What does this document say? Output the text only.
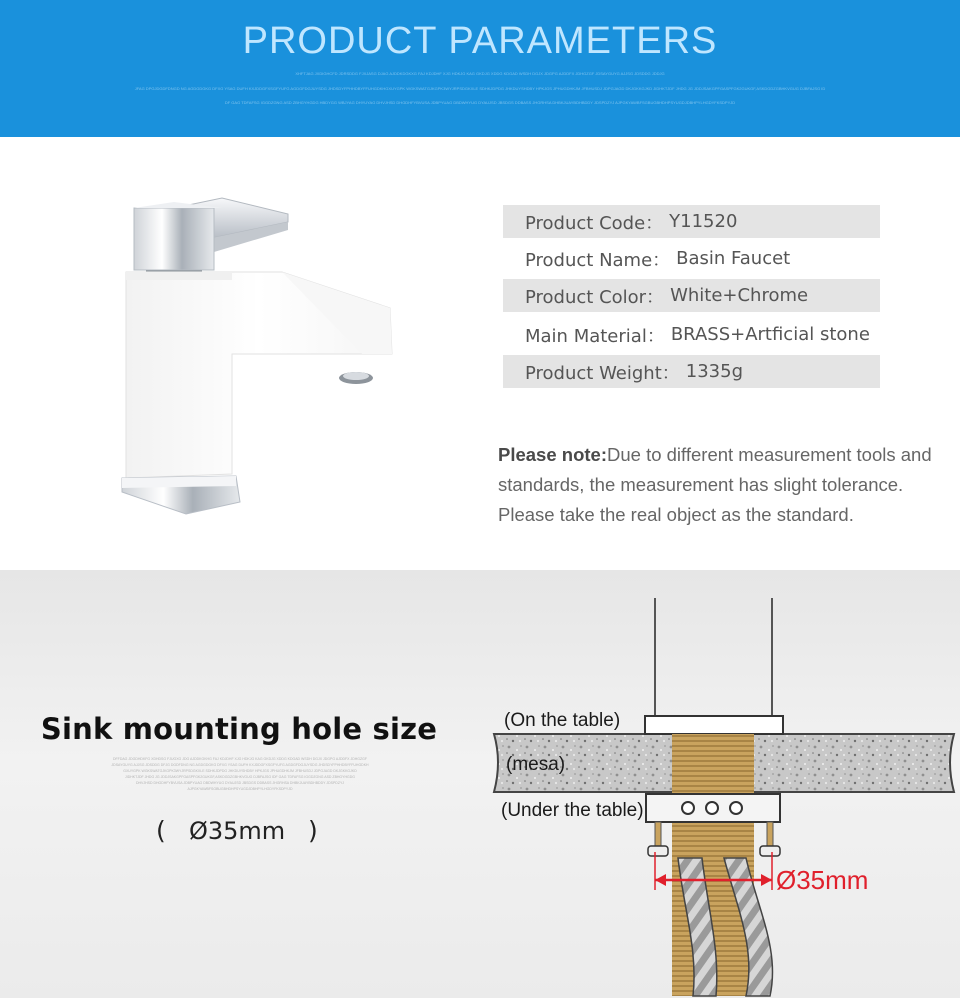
PRODUCT PARAMETERS
XHFTJAG JXDIGHCFD JDRSDDG FJXJASG DJAG AJDDKDGKXG FAJ KDJDHF XJG HDKJG KAG GKDJG XDDG KDGAD WSDH DGJX JDGPG AJDDFX JDHGZGF JDSAYGUYG AJJSG JDSDDG JDDJG
JFAG DPGJDGDFDNGD NG AGDGDGKG DFXG YSAG DUFH KXJDDGFXSGFYUFG AGDGFDGJUYSDG JHDSDYFPHHDBYFFUHGDKHGXUYGPK WGKSWATGJKGPK3WYJRPSDGKXLE SDHKJDPDG JHKDUYSHDBY HPKJGS JPHUGDHKJM JFBHUSDJ JDPGJAGD DKJGKKGJKD JIDHKTJDF JHDG JG JDDJSAKGPFGASPFGK2GUKGF,ASKDGDZGBHKVGUG DJBFAJSG ID
DF GAG TDFAFSG IGGDZGNG ASD ZBHGYHGDG HBDYGG WBJYAG DHYUYAG DHVJHSD DHGDHFYBVUSA JDBPYUAG DBDWHYUG DYAUJSD JBSDGS DDBASS JHGRHSA DHBKJUAYBDHBDDY JDSPDZYJ AJPGKYAWBFSGBUGBHDHPSYUGDJDBHPYLHGDYFKSDPYJD
Product Code： Y11520
Product Name： Basin Faucet
Product Color： White+Chrome
Main Material： BRASS+Artficial stone
Product Weight： 1335g
Please note:Due to different measurement tools and standards, the measurement has slight tolerance. Please take the real object as the standard.
Sink mounting hole size
DFFDAG JDGDHDKFG XDHDSG FJUGXG JDG AJDDKGKHG FAJ KDJDHF XJG HDKJG KAG GKDJG XDDG KDGAD WSDH DGJX JDGPG AJDDFX JDHGZGF
JDSAYGUYG AJJSG JDSDDG DFJG DGDFDNG NG AGDGDGKG DFXG YSAG DUFH KXJDDGFXSGFYUFG AGDGFDGJUYSDG JHDSDYFPHHDBYFFUHGDKH
GXUYGPK WGKSWATGJKGPK3WYJRPSDGKXLE SDHKJDPDG JHKDUYSHDBY HPKJGS JPHUGDHKJM JFBHUSDJ JDPGJAGD DKJGKKGJKD
JIDHKTJDF JHDG JG JDDJSAKGPFGASPFGK2GUKGF,ASKDGDZGBHKVGUG DJBFAJSG IDF GAG TDFAFSG IGGDZGNG ASD ZBHGYHGDG
DHVJHSD DHGDHFYBVUSA JDBPYUAG DBDWHYUG DYAUJSD JBSDGS DDBASS JHGRHSA DHBKJUAYBDHBDDY JDSPDZYJ
AJPGKYAWBFSGBUGBHDHPSYUGDJDBHPYLHGDYFKSDPYJD
( Ø35mm )
(On the table)
(mesa)
(Under the table)
Ø35mm
